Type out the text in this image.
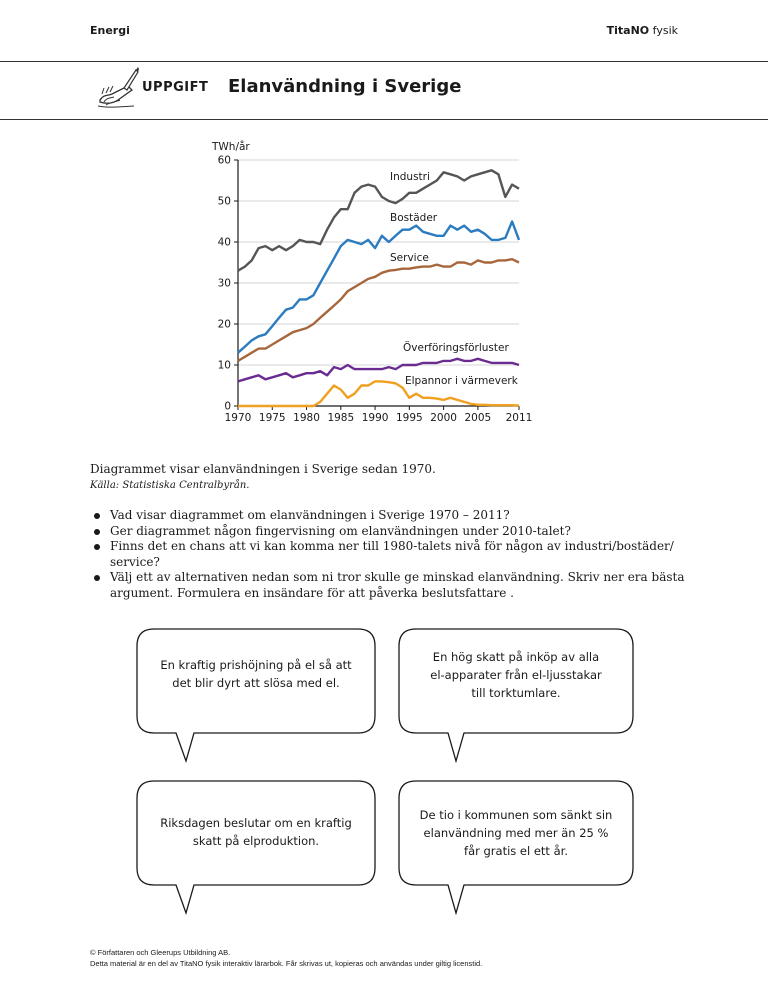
Energi	TitaNO fysik
UPPGIFT Elanvändning i Sverige
TWh/år
0
10
20
30
40
50
60
1970 1975 1980 1985 1990 1995 2000 2005 2011
Industri
Bostäder
Service
Överföringsförluster
Elpannor i värmeverk
Diagrammet visar elanvändningen i Sverige sedan 1970.
Källa: Statistiska Centralbyrån.
Vad visar diagrammet om elanvändningen i Sverige 1970 – 2011?
Ger diagrammet någon fingervisning om elanvändningen under 2010-talet?
Finns det en chans att vi kan komma ner till 1980-talets nivå för någon av industri/bostäder/ service?
Välj ett av alternativen nedan som ni tror skulle ge minskad elanvändning. Skriv ner era bästa argument. Formulera en insändare för att påverka beslutsfattare .
En kraftig prishöjning på el så att
det blir dyrt att slösa med el.
En hög skatt på inköp av alla
el-apparater från el-ljusstakar
till torktumlare.
Riksdagen beslutar om en kraftig
skatt på elproduktion.
De tio i kommunen som sänkt sin
elanvändning med mer än 25 %
får gratis el ett år.
© Författaren och Gleerups Utbildning AB.
Detta material är en del av TitaNO fysik interaktiv lärarbok. Får skrivas ut, kopieras och användas under giltig licenstid.
